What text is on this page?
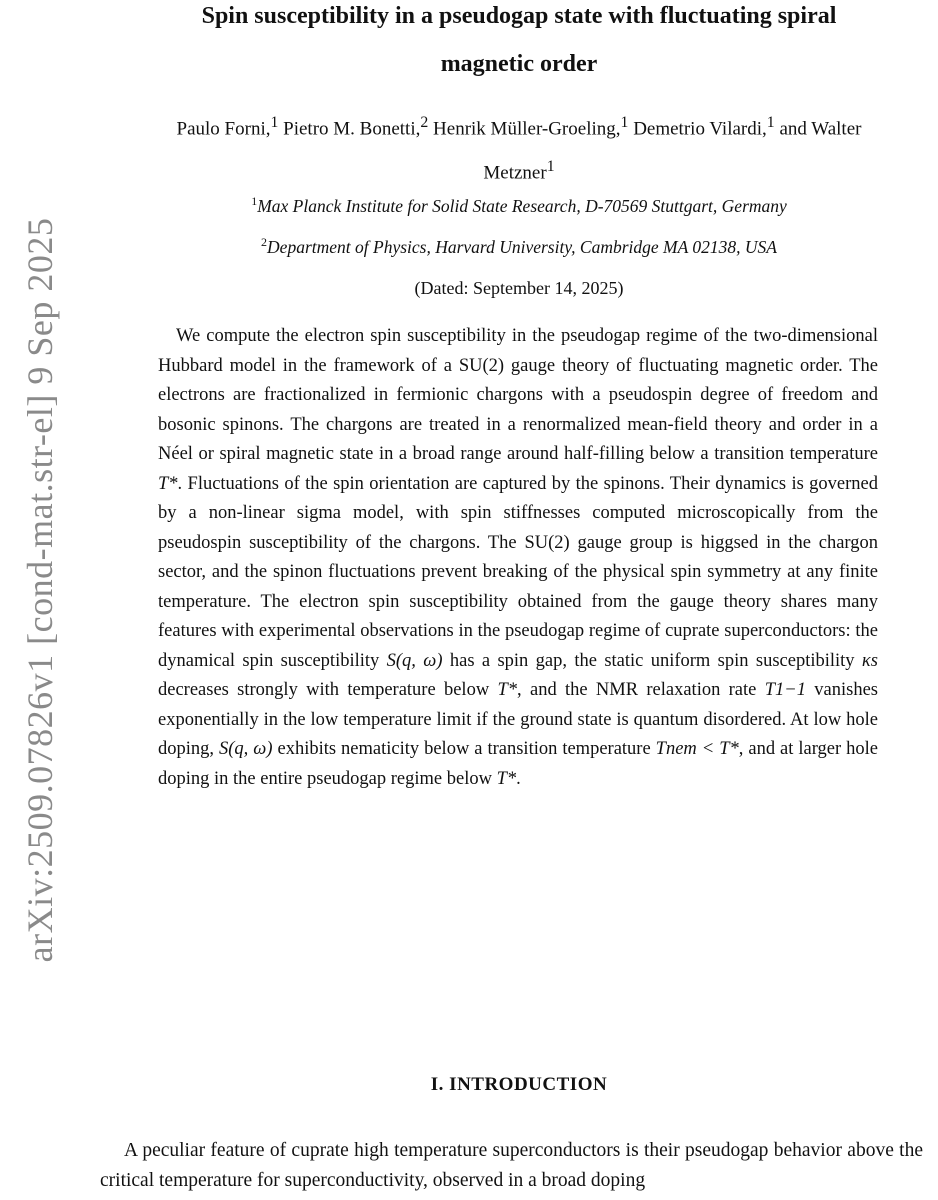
arXiv:2509.07826v1 [cond-mat.str-el] 9 Sep 2025
Spin susceptibility in a pseudogap state with fluctuating spiral
magnetic order
Paulo Forni,$^1$ Pietro M. Bonetti,$^2$ Henrik Müller-Groeling,$^1$ Demetrio Vilardi,$^1$ and Walter Metzner$^1$
$^1$Max Planck Institute for Solid State Research, D-70569 Stuttgart, Germany
$^2$Department of Physics, Harvard University, Cambridge MA 02138, USA
(Dated: September 14, 2025)

We compute the electron spin susceptibility in the pseudogap regime of the two-dimensional Hubbard model in the framework of a SU(2) gauge theory of fluctuating magnetic order. The electrons are fractionalized in fermionic chargons with a pseudospin degree of freedom and bosonic spinons. The chargons are treated in a renormalized mean-field theory and order in a Néel or spiral magnetic state in a broad range around half-filling below a transition temperature T*. Fluctuations of the spin orientation are captured by the spinons. Their dynamics is governed by a non-linear sigma model, with spin stiffnesses computed microscopically from the pseudospin susceptibility of the chargons. The SU(2) gauge group is higgsed in the chargon sector, and the spinon fluctuations prevent breaking of the physical spin symmetry at any finite temperature. The electron spin susceptibility obtained from the gauge theory shares many features with experimental observations in the pseudogap regime of cuprate superconductors: the dynamical spin susceptibility S(q, ω) has a spin gap, the static uniform spin susceptibility κs decreases strongly with temperature below T*, and the NMR relaxation rate T1−1 vanishes exponentially in the low temperature limit if the ground state is quantum disordered. At low hole doping, S(q, ω) exhibits nematicity below a transition temperature Tnem < T*, and at larger hole doping in the entire pseudogap regime below T*.

I. INTRODUCTION

A peculiar feature of cuprate high temperature superconductors is their pseudogap behavior above the critical temperature for superconductivity, observed in a broad doping
